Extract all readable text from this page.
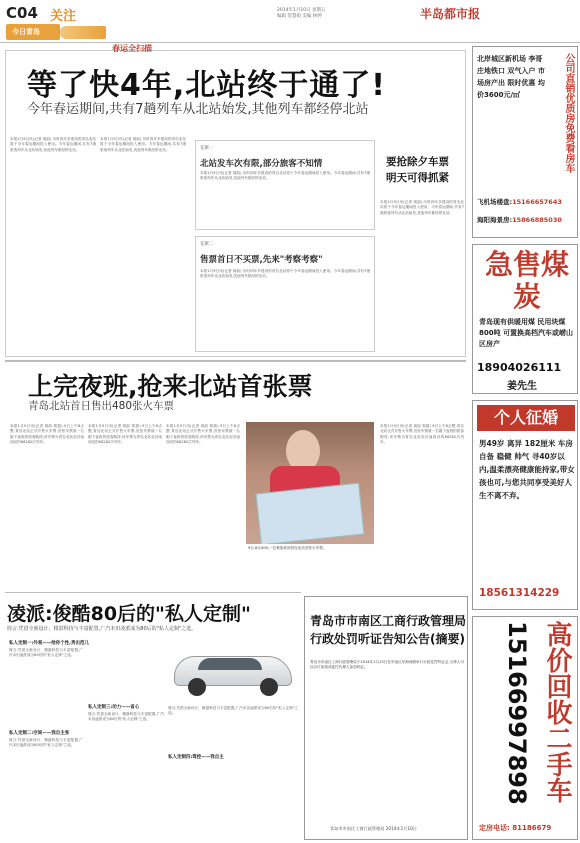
C04 关注
今日青岛
2014年1月10日 星期五
编辑 贺慧娟 美编 杨婷	半岛都市报
春运全扫描
等了快4年,北站终于通了!
今年春运期间,共有7趟列车从北站始发,其他列车都经停北站
本报1月9日讯(记者 周韵) 历时四年多建设的青岛北站将于今年春运期间投入使用。今年春运期间,共有7趟旅客列车从北站始发,其他列车都经停北站。
本报1月9日讯(记者 周韵) 历时四年多建设的青岛北站将于今年春运期间投入使用。今年春运期间,共有7趟旅客列车从北站始发,其他列车都经停北站。	花絮一
北站发车次有限,部分旅客不知情
本报1月9日讯(记者 周韵) 历时四年多建设的青岛北站将于今年春运期间投入使用。今年春运期间,共有7趟旅客列车从北站始发,其他列车都经停北站。
花絮二
售票首日不买票,先来"考察考察"
本报1月9日讯(记者 周韵) 历时四年多建设的青岛北站将于今年春运期间投入使用。今年春运期间,共有7趟旅客列车从北站始发,其他列车都经停北站。
要抢除夕车票
明天可得抓紧
本报1月9日讯(记者 周韵) 历时四年多建设的青岛北站将于今年春运期间投入使用。今年春运期间,共有7趟旅客列车从北站始发,其他列车都经停北站。
上完夜班,抢来北站首张票
青岛北站首日售出480张火车票
本报1月9日讯(记者 周韵 郭瑞) 9日上午8点整,青岛北站正式开售火车票,首张车票被一名刚下夜班的旅客购得,该车票为青岛北站至济南西站的K8282次列车。
本报1月9日讯(记者 周韵 郭瑞) 9日上午8点整,青岛北站正式开售火车票,首张车票被一名刚下夜班的旅客购得,该车票为青岛北站至济南西站的K8282次列车。
本报1月9日讯(记者 周韵 郭瑞) 9日上午8点整,青岛北站正式开售火车票,首张车票被一名刚下夜班的旅客购得,该车票为青岛北站至济南西站的K8282次列车。
9日,8点409,一位乘客拿到青岛北站首张火车票。
本报1月9日讯(记者 周韵 郭瑞) 9日上午8点整,青岛北站正式开售火车票,首张车票被一名刚下夜班的旅客购得,该车票为青岛北站至济南西站的K8282次列车。
凌派:俊酷80后的"私人定制"
简言:凭借全新设计、精湛科技与丰富配置,广汽本田凌派成为80后的"私人定制"之选。
私人定制一:外观——给你个性,秀出范儿
简言:凭借全新设计、精湛科技与丰富配置,广汽本田凌派成为80后的"私人定制"之选。
私人定制二:空间——我自主张
简言:凭借全新设计、精湛科技与丰富配置,广汽本田凌派成为80后的"私人定制"之选。
私人定制三:动力——省心
简言:凭借全新设计、精湛科技与丰富配置,广汽本田凌派成为80后的"私人定制"之选。
私人定制四:驾控——我自主
简言:凭借全新设计、精湛科技与丰富配置,广汽本田凌派成为80后的"私人定制"之选。
青岛市市南区工商行政管理局
行政处罚听证告知公告(摘要)
青岛市市南区工商行政管理局于2014年1月13日在市南区东海西路举行行政处罚听证会,当事人可以自行参加或委托代理人参加听证。
青岛市市南区工商行政管理局 2014年1月10日
北岸城区新机场 李哥庄地铁口 双气入户 市场房产出 限时优惠 均价3600元/㎡	公司直销优质房免费看房车
飞机场楼盘:15166657643
海阳海景房:15866885030
急售煤炭
青岛现有供暖用煤 民用块煤800吨 可置换高档汽车或崂山区房产
18904026111
姜先生
个人征婚
男49岁 离异 182厘米 车房自备 稳健 帅气 寻40岁以内,温柔漂亮健康能持家,带女孩也可,与您共同享受美好人生不离不弃。
18561314229
高价回收二手车
15166997898
定房电话: 81186679
